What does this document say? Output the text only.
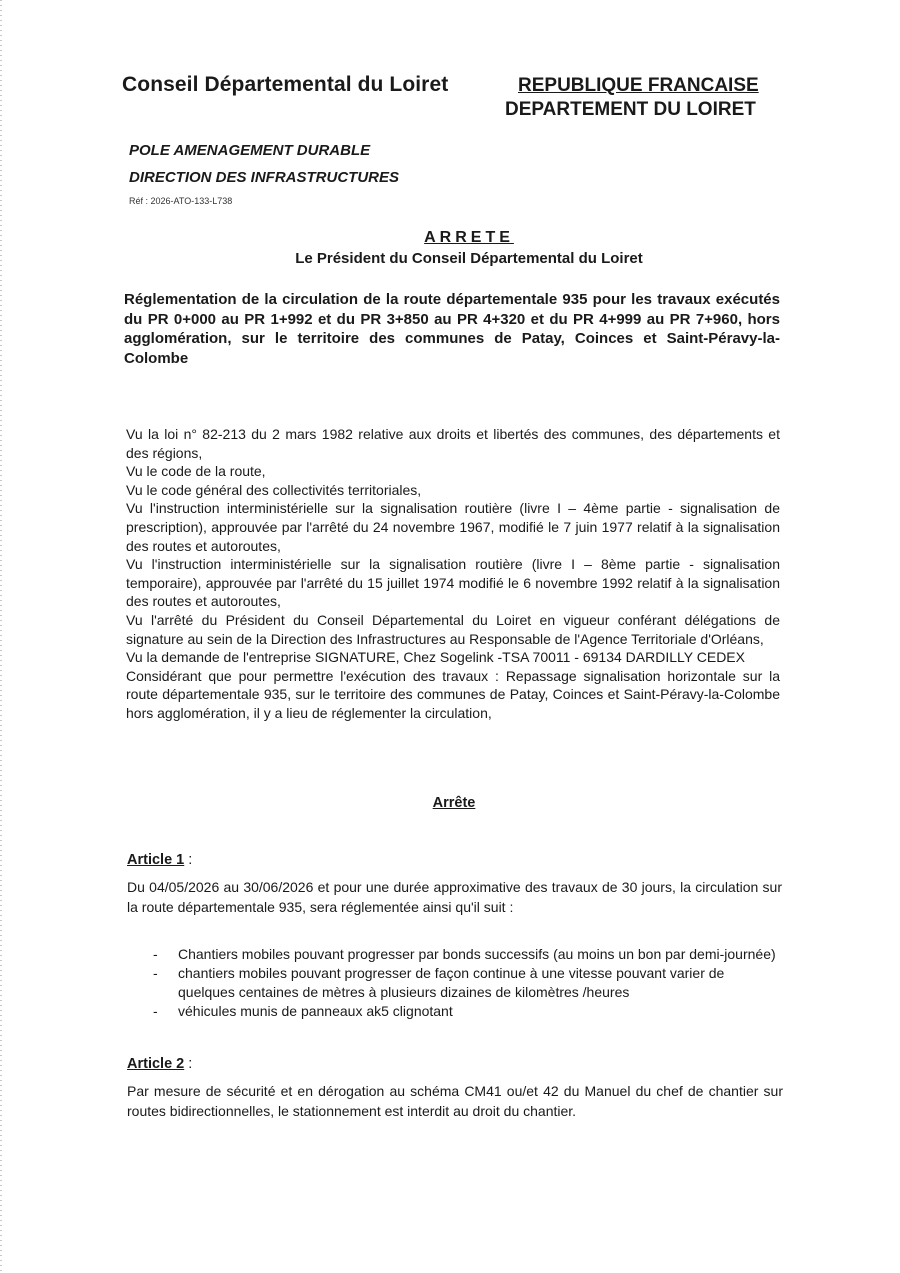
Conseil Départemental du Loiret	REPUBLIQUE FRANCAISE
DEPARTEMENT DU LOIRET
POLE AMENAGEMENT DURABLE
DIRECTION DES INFRASTRUCTURES
Réf : 2026-ATO-133-L738
ARRETE
Le Président du Conseil Départemental du Loiret
Réglementation de la circulation de la route départementale 935 pour les travaux exécutés du PR 0+000 au PR 1+992 et du PR 3+850 au PR 4+320 et du PR 4+999 au PR 7+960, hors agglomération, sur le territoire des communes de Patay, Coinces et Saint-Péravy-la-Colombe

Vu la loi n° 82-213 du 2 mars 1982 relative aux droits et libertés des communes, des départements et des régions,

Vu le code de la route,

Vu le code général des collectivités territoriales,

Vu l'instruction interministérielle sur la signalisation routière (livre I – 4ème partie - signalisation de prescription), approuvée par l'arrêté du 24 novembre 1967, modifié le 7 juin 1977 relatif à la signalisation des routes et autoroutes,

Vu l'instruction interministérielle sur la signalisation routière (livre I – 8ème partie - signalisation temporaire), approuvée par l'arrêté du 15 juillet 1974 modifié le 6 novembre 1992 relatif à la signalisation des routes et autoroutes,

Vu l'arrêté du Président du Conseil Départemental du Loiret en vigueur conférant délégations de signature au sein de la Direction des Infrastructures au Responsable de l'Agence Territoriale d'Orléans,

Vu la demande de l'entreprise SIGNATURE, Chez Sogelink -TSA 70011 - 69134 DARDILLY CEDEX

Considérant que pour permettre l'exécution des travaux : Repassage signalisation horizontale sur la route départementale 935, sur le territoire des communes de Patay, Coinces et Saint-Péravy-la-Colombe hors agglomération, il y a lieu de réglementer la circulation,

Arrête
Article 1 :
Du 04/05/2026 au 30/06/2026 et pour une durée approximative des travaux de 30 jours, la circulation sur la route départementale 935, sera réglementée ainsi qu'il suit :
- Chantiers mobiles pouvant progresser par bonds successifs (au moins un bon par demi-journée)
- chantiers mobiles pouvant progresser de façon continue à une vitesse pouvant varier de quelques centaines de mètres à plusieurs dizaines de kilomètres /heures
- véhicules munis de panneaux ak5 clignotant
Article 2 :
Par mesure de sécurité et en dérogation au schéma CM41 ou/et 42 du Manuel du chef de chantier sur routes bidirectionnelles, le stationnement est interdit au droit du chantier.
